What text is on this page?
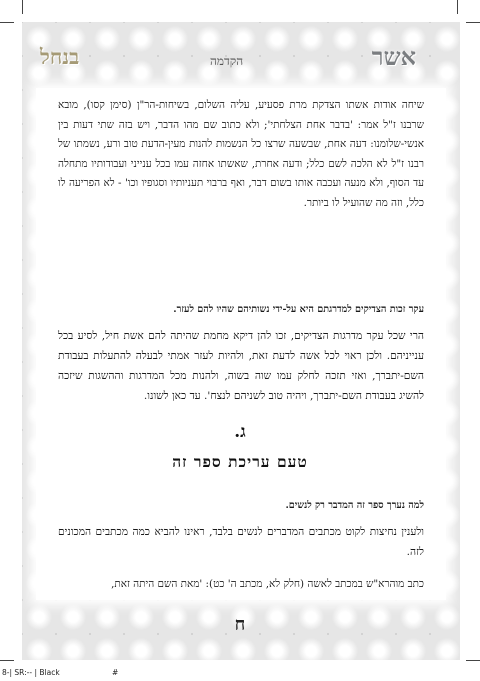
בנחל	הקדמה	אשר
שיחה אודות אשתו הצדקת מרת פסעיע, עליה השלום, בשיחות-הר"ן (סימן קסו), מובא שרבנו ז"ל אמר: 'בדבר אחת הצלחתי'; ולא כתוב שם מהו הדבר, ויש בזה שתי דעות בין אנשי-שלומנו: דעה אחת, שבשעה שרצו כל הנשמות להנות מעין-הדעת טוב ורע, נשמתו של רבנו ז"ל לא הלכה לשם כלל; ודעה אחרת, שאשתו אחזה עמו בכל ענייני ועבודותיו מתחלה עד הסוף, ולא מנעה ועכבה אותו בשום דבר, ואף ברבוי תעניותיו וסגופיו וכו' - לא הפריעה לו כלל, וזה מה שהועיל לו ביותר.
עקר זכות הצדיקים למדרגתם היא על-ידי נשותיהם שהיו להם לעזר.
הרי שכל עקר מדרגות הצדיקים, זכו להן דיקא מחמת שהיתה להם אשת חיל, לסיע בכל ענייניהם. ולכן ראוי לכל אשה לדעת זאת, ולהיות לעזר אמתי לבעלה להתעלות בעבודת השם-יתברך, ואזי תזכה לחלק עמו שוה בשוה, ולהנות מכל המדרגות וההשגות שיזכה להשיג בעבודת השם-יתברך, ויהיה טוב לשניהם לנצח'. עד כאן לשונו.
ג.
טעם עריכת ספר זה
למה נערך ספר זה המדבר רק לנשים.
ולענין נחיצות לקוט מכתבים המדברים לנשים בלבד, ראינו להביא כמה מכתבים המכונים לזה.
כתב מוהרא"ש במכתב לאשה (חלק לא, מכתב ה' כט): 'מאת השם היתה זאת,
ח
8-| SR:-- | Black	#
